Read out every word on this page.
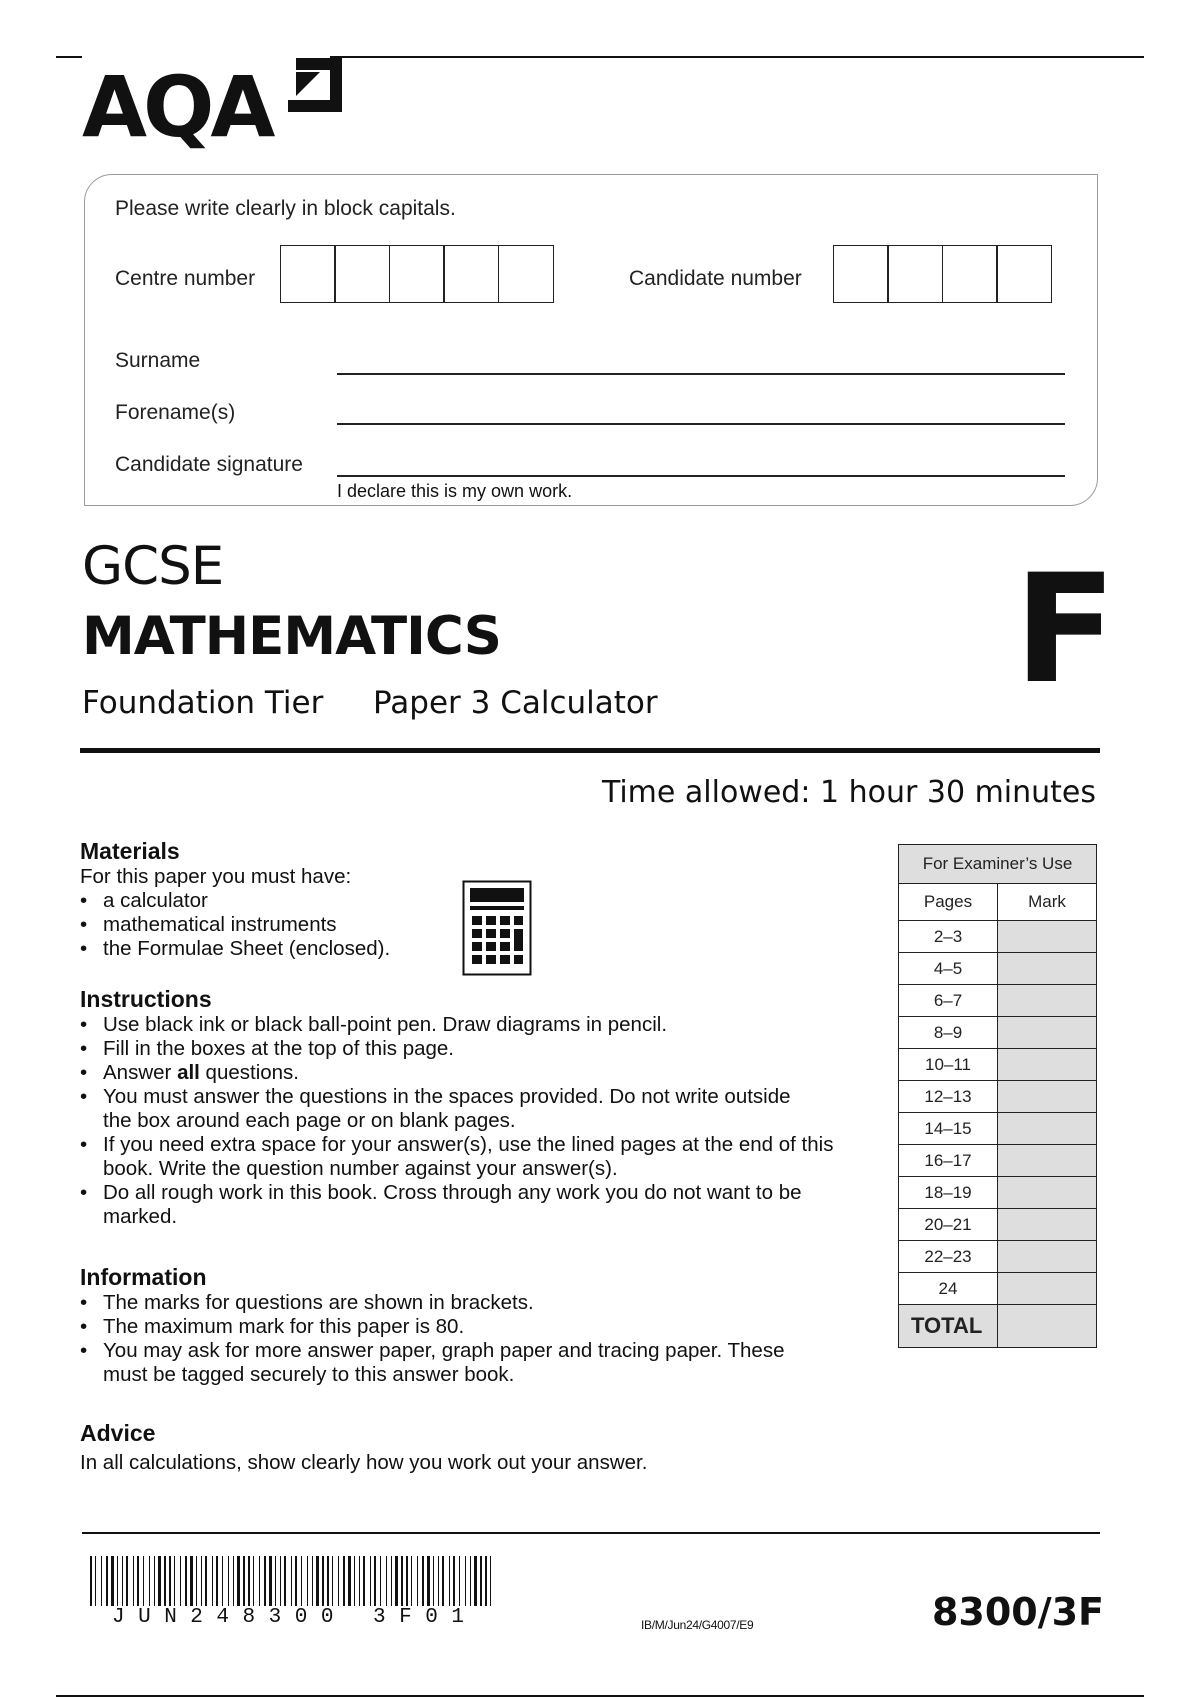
AQA
Please write clearly in block capitals.
Centre number	Candidate number
Surname
Forename(s)
Candidate signature
I declare this is my own work.
GCSE
MATHEMATICS
Foundation Tier Paper 3 Calculator F
Time allowed: 1 hour 30 minutes
Materials
For this paper you must have:
• a calculator
• mathematical instruments
• the Formulae Sheet (enclosed).
Instructions
• Use black ink or black ball-point pen. Draw diagrams in pencil.
• Fill in the boxes at the top of this page.
• Answer all questions.
• You must answer the questions in the spaces provided. Do not write outside the box around each page or on blank pages.
• If you need extra space for your answer(s), use the lined pages at the end of this book. Write the question number against your answer(s).
• Do all rough work in this book. Cross through any work you do not want to be marked.
Information
• The marks for questions are shown in brackets.
• The maximum mark for this paper is 80.
• You may ask for more answer paper, graph paper and tracing paper. These must be tagged securely to this answer book.
Advice
In all calculations, show clearly how you work out your answer.
For Examiner’s Use	
Pages	Mark
2–3	
4–5	
6–7	
8–9	
10–11	
12–13	
14–15	
16–17	
18–19	
20–21	
22–23	
24	
TOTAL	
JUN248300 3F01	IB/M/Jun24/G4007/E9	8300/3F
